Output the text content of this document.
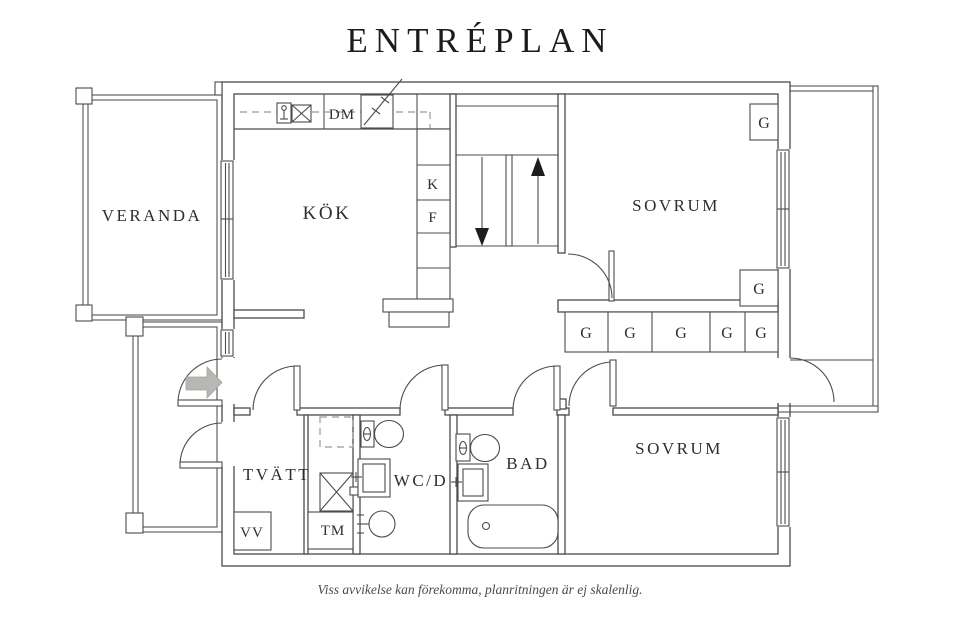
ENTRÉPLAN
G G G G G
G
G
VV	TM
VERANDA	KÖK	SOVRUM
SOVRUM
TVÄTT	WC/D
BAD
DM
K
F
Viss avvikelse kan förekomma, planritningen är ej skalenlig.
